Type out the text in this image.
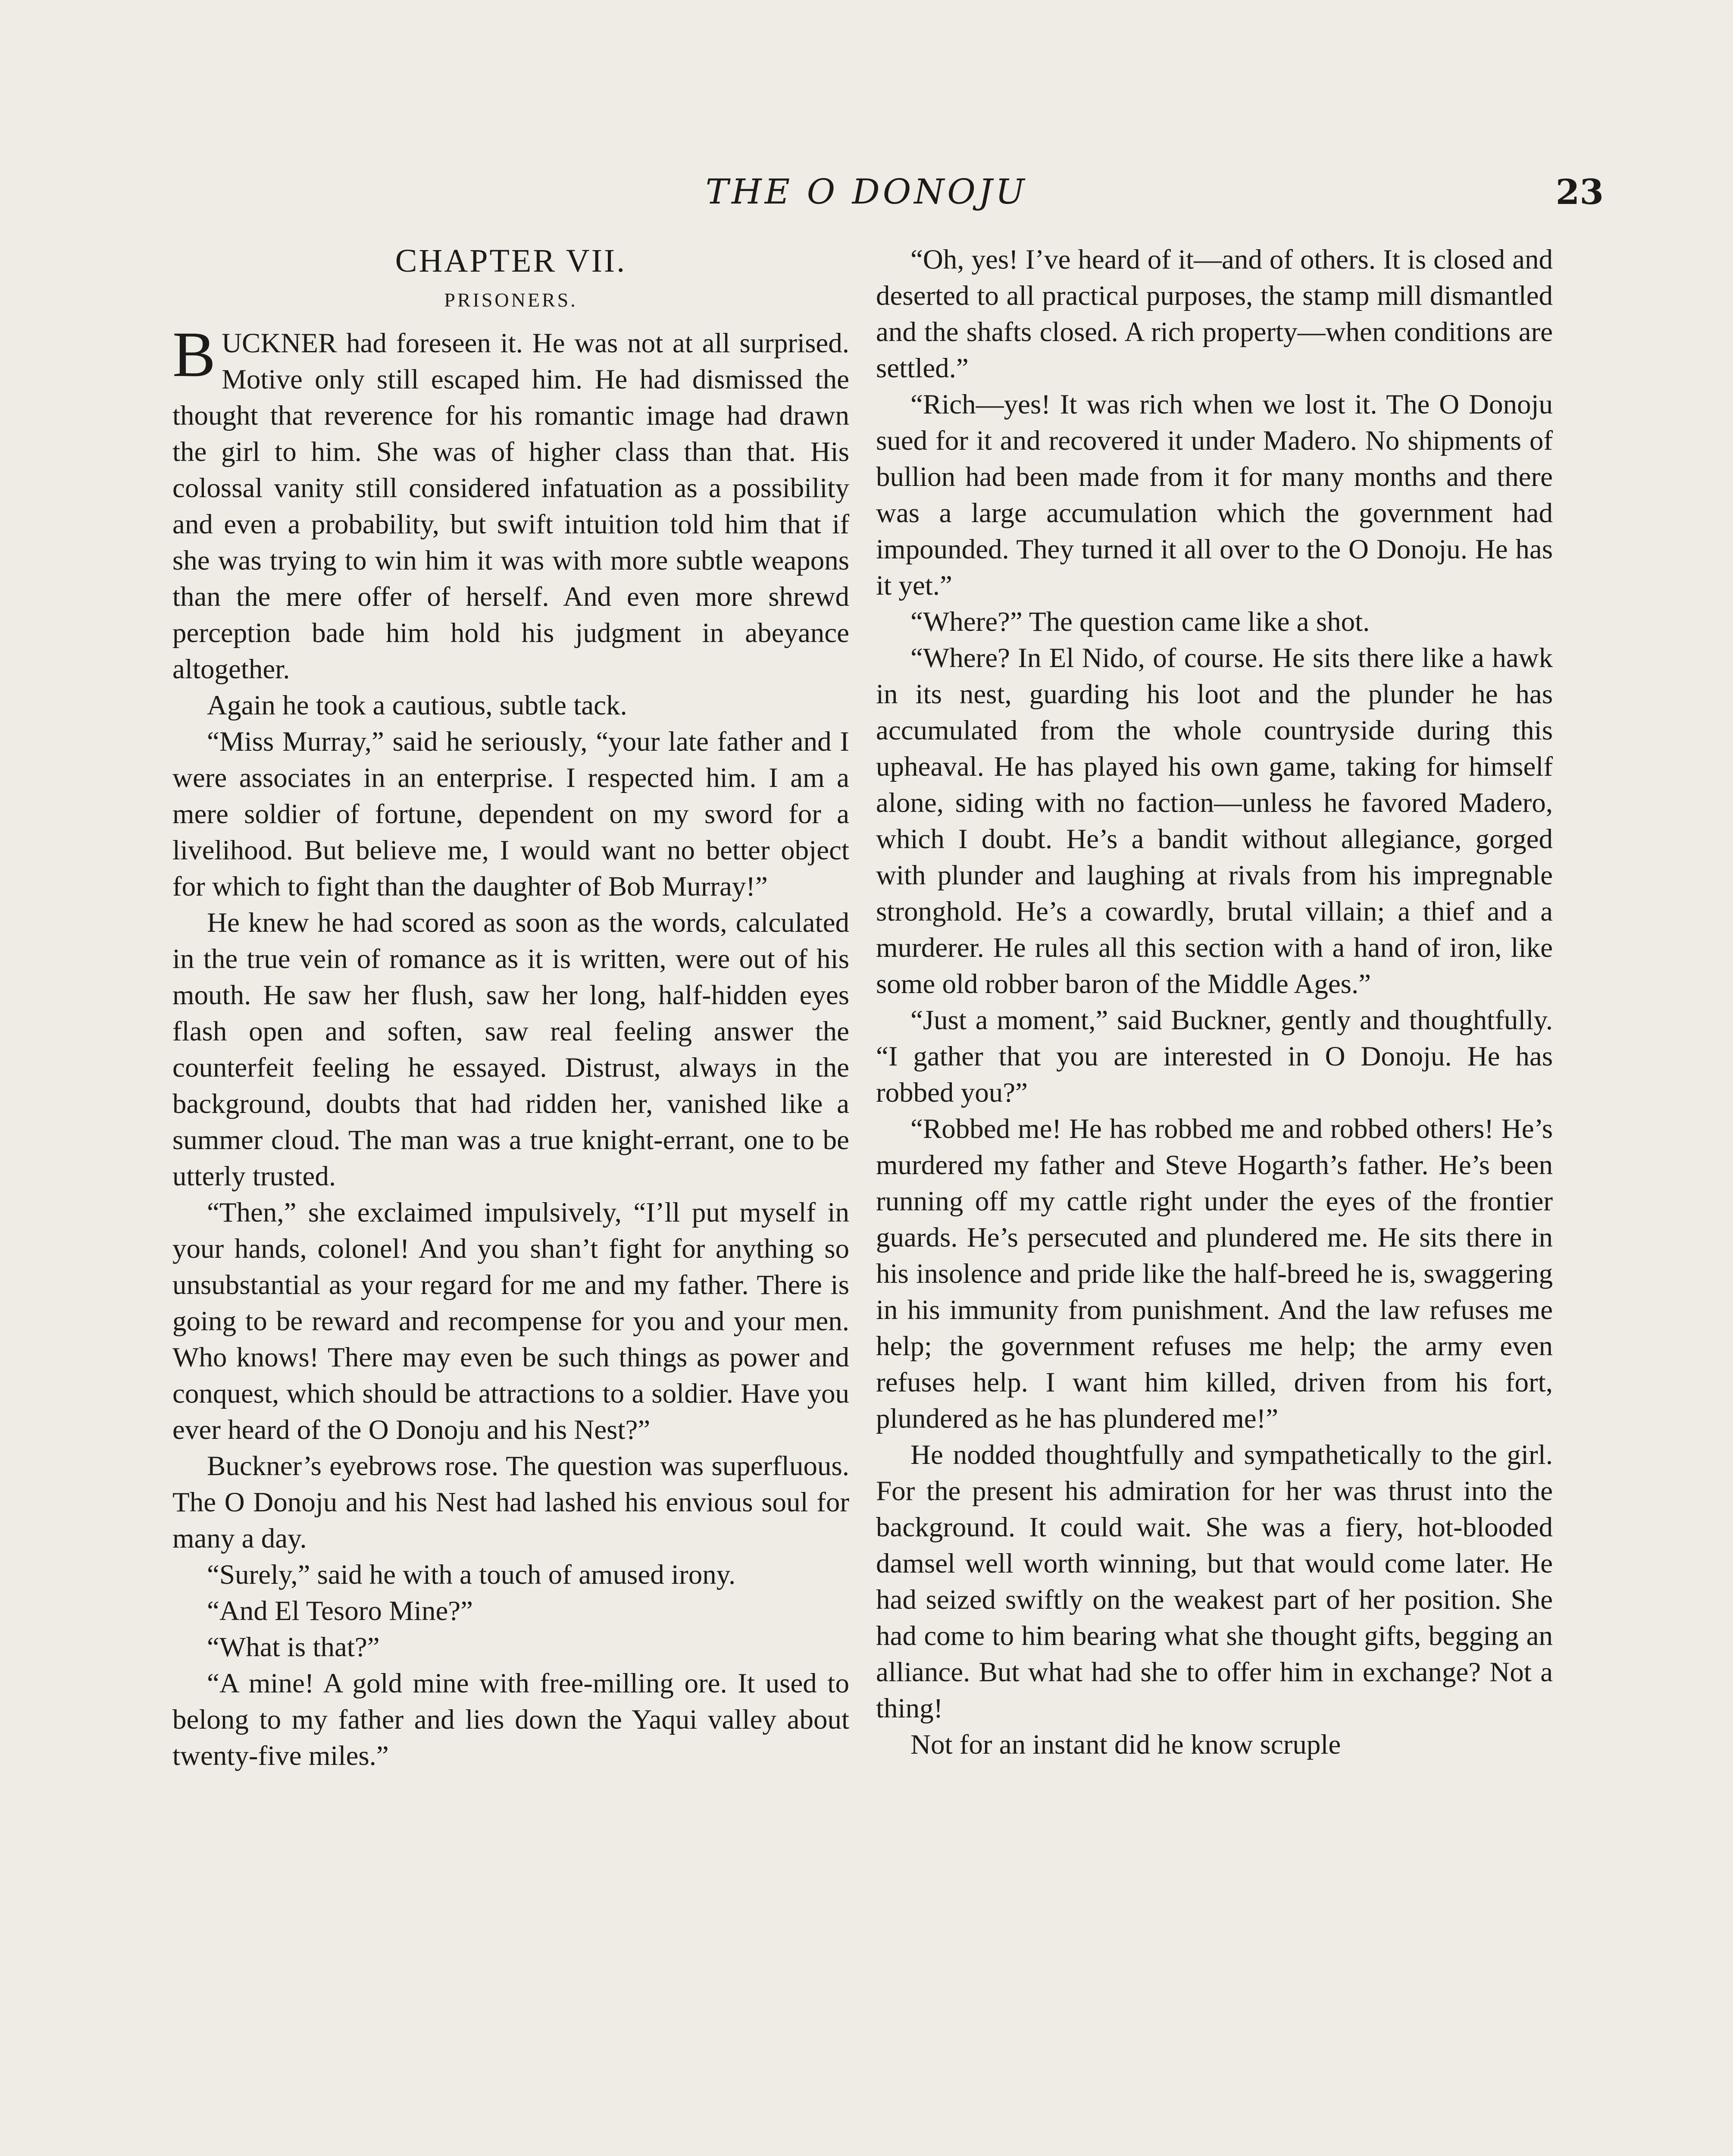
THE O DONOJU	23
CHAPTER VII.
PRISONERS.

BUCKNER had foreseen it. He was not at all surprised. Motive only still escaped him. He had dismissed the thought that reverence for his romantic image had drawn the girl to him. She was of higher class than that. His colossal vanity still considered infatuation as a possibility and even a probability, but swift intuition told him that if she was trying to win him it was with more subtle weapons than the mere offer of herself. And even more shrewd perception bade him hold his judgment in abeyance altogether.

Again he took a cautious, subtle tack.

“Miss Murray,” said he seriously, “your late father and I were associates in an enterprise. I respected him. I am a mere soldier of fortune, dependent on my sword for a livelihood. But believe me, I would want no better object for which to fight than the daughter of Bob Murray!”

He knew he had scored as soon as the words, calculated in the true vein of romance as it is written, were out of his mouth. He saw her flush, saw her long, half-hidden eyes flash open and soften, saw real feeling answer the counterfeit feeling he essayed. Distrust, always in the background, doubts that had ridden her, vanished like a summer cloud. The man was a true knight-errant, one to be utterly trusted.

“Then,” she exclaimed impulsively, “I’ll put myself in your hands, colonel! And you shan’t fight for anything so unsubstantial as your regard for me and my father. There is going to be reward and recompense for you and your men. Who knows! There may even be such things as power and conquest, which should be attractions to a soldier. Have you ever heard of the O Donoju and his Nest?”

Buckner’s eyebrows rose. The question was superfluous. The O Donoju and his Nest had lashed his envious soul for many a day.

“Surely,” said he with a touch of amused irony.

“And El Tesoro Mine?”

“What is that?”

“A mine! A gold mine with free-milling ore. It used to belong to my father and lies down the Yaqui valley about twenty-five miles.”

“Oh, yes! I’ve heard of it—and of others. It is closed and deserted to all practical purposes, the stamp mill dismantled and the shafts closed. A rich property—when conditions are settled.”

“Rich—yes! It was rich when we lost it. The O Donoju sued for it and recovered it under Madero. No shipments of bullion had been made from it for many months and there was a large accumulation which the government had impounded. They turned it all over to the O Donoju. He has it yet.”

“Where?” The question came like a shot.

“Where? In El Nido, of course. He sits there like a hawk in its nest, guarding his loot and the plunder he has accumulated from the whole countryside during this upheaval. He has played his own game, taking for himself alone, siding with no faction—unless he favored Madero, which I doubt. He’s a bandit without allegiance, gorged with plunder and laughing at rivals from his impregnable stronghold. He’s a cowardly, brutal villain; a thief and a murderer. He rules all this section with a hand of iron, like some old robber baron of the Middle Ages.”

“Just a moment,” said Buckner, gently and thoughtfully. “I gather that you are interested in O Donoju. He has robbed you?”

“Robbed me! He has robbed me and robbed others! He’s murdered my father and Steve Hogarth’s father. He’s been running off my cattle right under the eyes of the frontier guards. He’s persecuted and plundered me. He sits there in his insolence and pride like the half-breed he is, swaggering in his immunity from punishment. And the law refuses me help; the government refuses me help; the army even refuses help. I want him killed, driven from his fort, plundered as he has plundered me!”

He nodded thoughtfully and sympathetically to the girl. For the present his admiration for her was thrust into the background. It could wait. She was a fiery, hot-blooded damsel well worth winning, but that would come later. He had seized swiftly on the weakest part of her position. She had come to him bearing what she thought gifts, begging an alliance. But what had she to offer him in exchange? Not a thing!

Not for an instant did he know scruple
